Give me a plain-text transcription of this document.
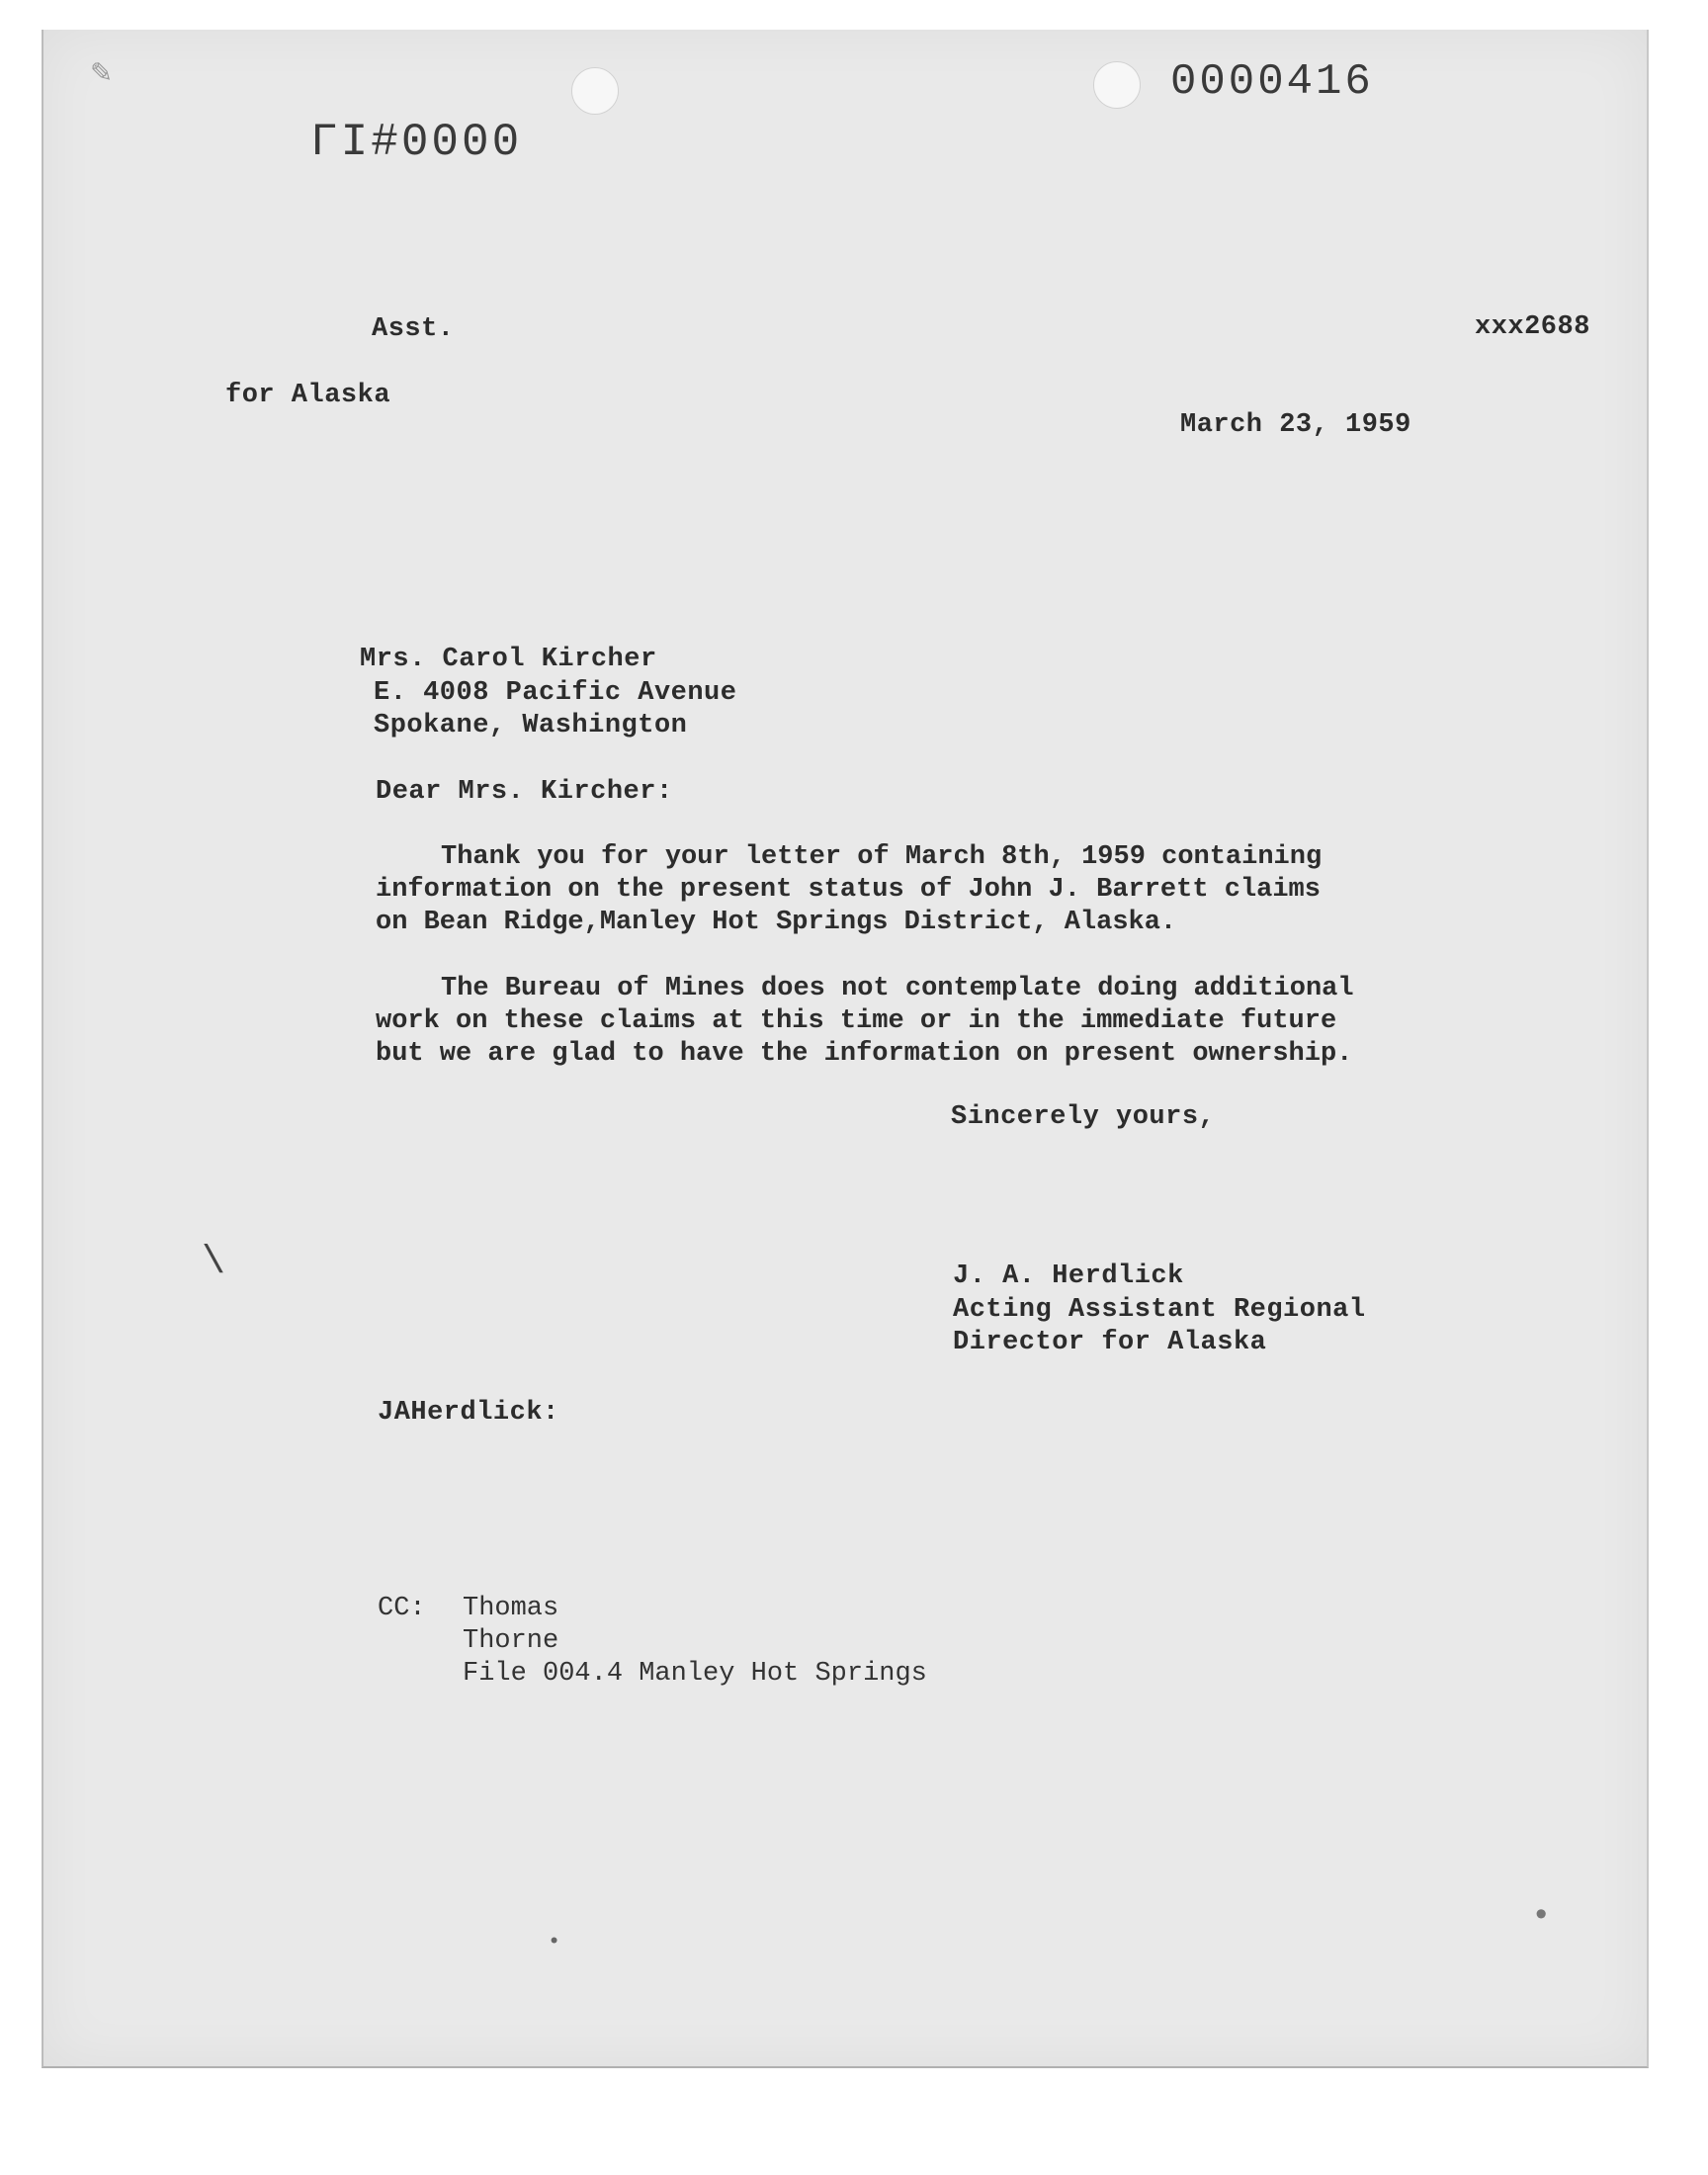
✎	0000416
ГІ#0000
Asst.	xxx2688
for Alaska
March 23, 1959
Mrs. Carol Kircher
E. 4008 Pacific Avenue
Spokane, Washington
Dear Mrs. Kircher:
Thank you for your letter of March 8th, 1959 containing
information on the present status of John J. Barrett claims
on Bean Ridge,Manley Hot Springs District, Alaska.
The Bureau of Mines does not contemplate doing additional
work on these claims at this time or in the immediate future
but we are glad to have the information on present ownership.
Sincerely yours,
\	J. A. Herdlick
Acting Assistant Regional
Director for Alaska
JAHerdlick:
CC: Thomas
Thorne
File 004.4 Manley Hot Springs
•
•
